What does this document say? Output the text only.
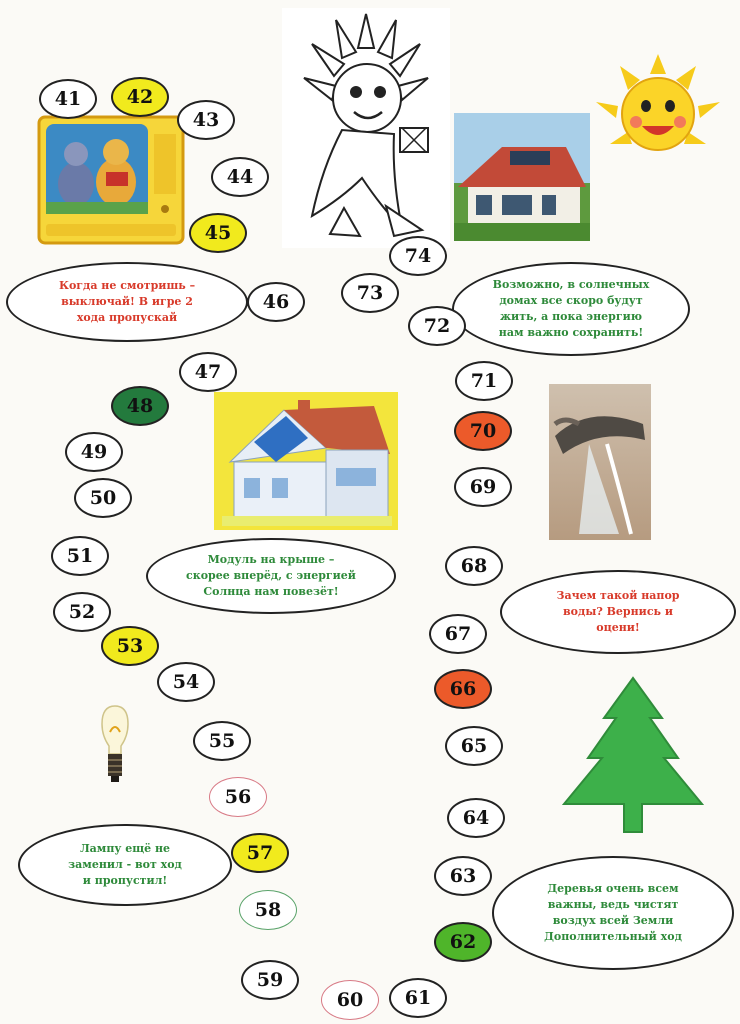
Когда не смотришь –
выключай! В игре 2
хода пропускай
Возможно, в солнечных
домах все скоро будут
жить, а пока энергию
нам важно сохранить!
Модуль на крыше –
скорее вперёд, с энергией
Солнца нам повезёт!	Зачем такой напор
воды? Вернись и
оцени!
Лампу ещё не
заменил - вот ход
и пропустил!
Деревья очень всем
важны, ведь чистят
воздух всей Земли
Дополнительный ход
41	42
43
44
45
46
47
48
49
50
51
52
53
54
55
56
57
58
59
60	61
62
63
64
65
66
67
68
69
70
71
72
73
74
